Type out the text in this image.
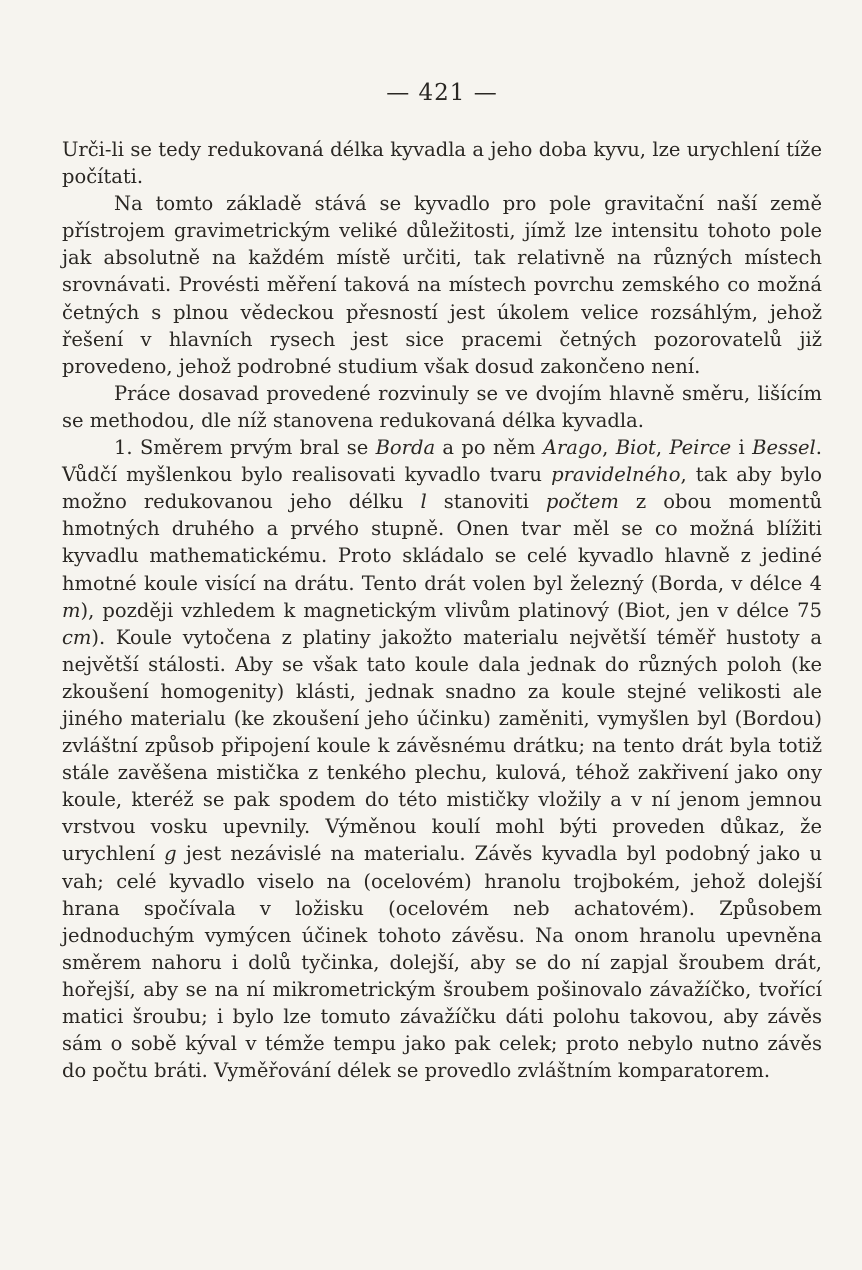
— 421 —

Urči-li se tedy redukovaná délka kyvadla a jeho doba kyvu, lze urychlení tíže počítati.

Na tomto základě stává se kyvadlo pro pole gravitační naší země přístrojem gravimetrickým veliké důležitosti, jímž lze intensitu tohoto pole jak absolutně na každém místě určiti, tak relativně na různých místech srovnávati. Provésti měření taková na místech povrchu zemského co možná četných s plnou vědeckou přesností jest úkolem velice rozsáhlým, jehož řešení v hlavních rysech jest sice pracemi četných pozorovatelů již provedeno, jehož podrobné studium však dosud zakončeno není.

Práce dosavad provedené rozvinuly se ve dvojím hlavně směru, lišícím se methodou, dle níž stanovena redukovaná délka kyvadla.

1. Směrem prvým bral se Borda a po něm Arago, Biot, Peirce i Bessel. Vůdčí myšlenkou bylo realisovati kyvadlo tvaru pravidelného, tak aby bylo možno redukovanou jeho délku l stanoviti počtem z obou momentů hmotných druhého a prvého stupně. Onen tvar měl se co možná blížiti kyvadlu mathematickému. Proto skládalo se celé kyvadlo hlavně z jediné hmotné koule visící na drátu. Tento drát volen byl železný (Borda, v délce 4 m), později vzhledem k magnetickým vlivům platinový (Biot, jen v délce 75 cm). Koule vytočena z platiny jakožto materialu největší téměř hustoty a největší stálosti. Aby se však tato koule dala jednak do různých poloh (ke zkoušení homogenity) klásti, jednak snadno za koule stejné velikosti ale jiného materialu (ke zkoušení jeho účinku) zaměniti, vymyšlen byl (Bordou) zvláštní způsob připojení koule k závěsnému drátku; na tento drát byla totiž stále zavěšena mistička z tenkého plechu, kulová, téhož zakřivení jako ony koule, kteréž se pak spodem do této mističky vložily a v ní jenom jemnou vrstvou vosku upevnily. Výměnou koulí mohl býti proveden důkaz, že urychlení g jest nezávislé na materialu. Závěs kyvadla byl podobný jako u vah; celé kyvadlo viselo na (ocelovém) hranolu trojbokém, jehož dolejší hrana spočívala v ložisku (ocelovém neb achatovém). Způsobem jednoduchým vymýcen účinek tohoto závěsu. Na onom hranolu upevněna směrem nahoru i dolů tyčinka, dolejší, aby se do ní zapjal šroubem drát, hořejší, aby se na ní mikrometrickým šroubem pošinovalo závažíčko, tvořící matici šroubu; i bylo lze tomuto závažíčku dáti polohu takovou, aby závěs sám o sobě kýval v témže tempu jako pak celek; proto nebylo nutno závěs do počtu bráti. Vyměřování délek se provedlo zvláštním komparatorem.
